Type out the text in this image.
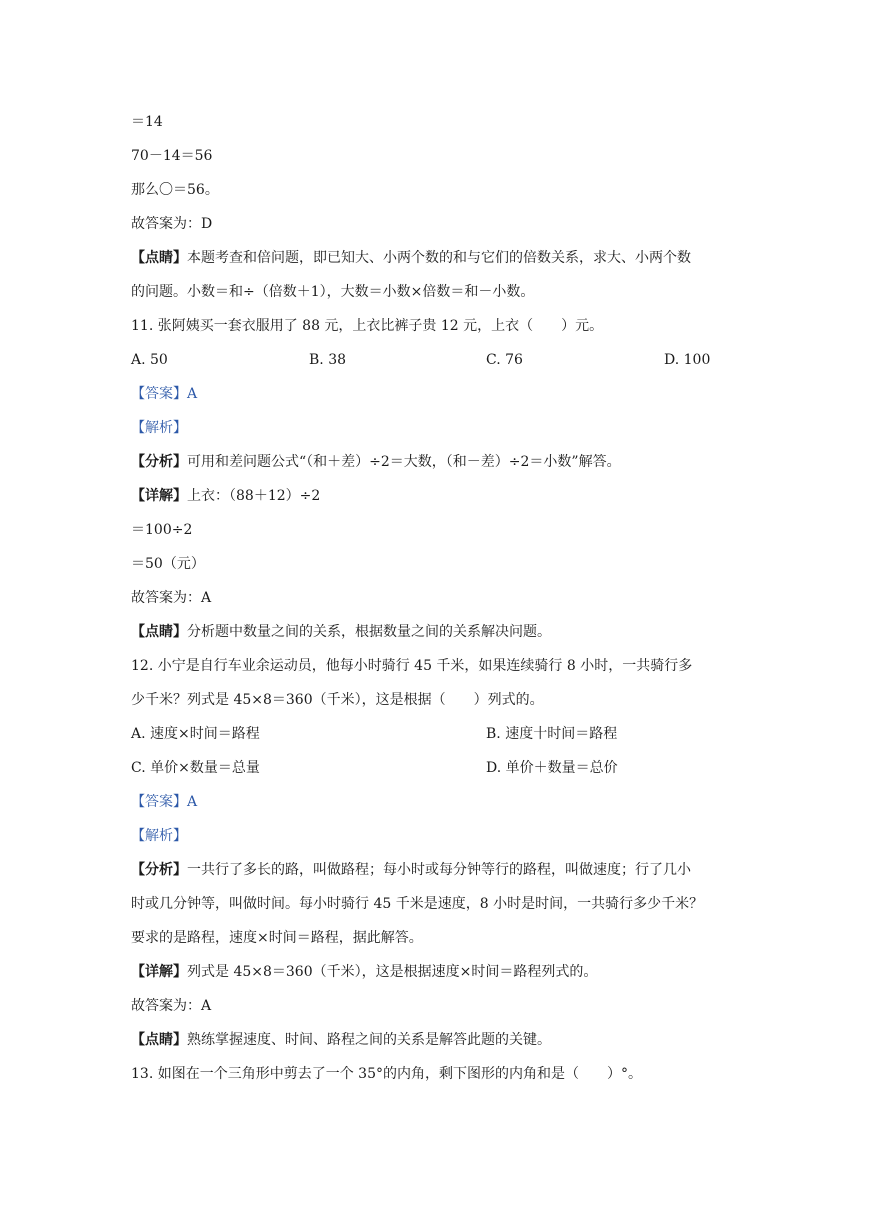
＝14
70－14＝56
那么〇＝56。
故答案为：D
【点睛】本题考查和倍问题，即已知大、小两个数的和与它们的倍数关系，求大、小两个数
的问题。小数＝和÷（倍数＋1），大数＝小数×倍数＝和－小数。
11. 张阿姨买一套衣服用了 88 元，上衣比裤子贵 12 元，上衣（　　）元。
A. 50	B. 38	C. 76	D. 100
【答案】A
【解析】
【分析】可用和差问题公式“（和＋差）÷2＝大数，（和－差）÷2＝小数”解答。
【详解】上衣：（88＋12）÷2
＝100÷2
＝50（元）
故答案为：A
【点睛】分析题中数量之间的关系，根据数量之间的关系解决问题。
12. 小宁是自行车业余运动员，他每小时骑行 45 千米，如果连续骑行 8 小时，一共骑行多
少千米？列式是 45×8＝360（千米），这是根据（　　）列式的。
A. 速度×时间＝路程	B. 速度十时间＝路程
C. 单价×数量＝总量	D. 单价＋数量＝总价
【答案】A
【解析】
【分析】一共行了多长的路，叫做路程；每小时或每分钟等行的路程，叫做速度；行了几小
时或几分钟等，叫做时间。每小时骑行 45 千米是速度，8 小时是时间，一共骑行多少千米？
要求的是路程，速度×时间＝路程，据此解答。
【详解】列式是 45×8＝360（千米），这是根据速度×时间＝路程列式的。
故答案为：A
【点睛】熟练掌握速度、时间、路程之间的关系是解答此题的关键。
13. 如图在一个三角形中剪去了一个 35°的内角，剩下图形的内角和是（　　）°。
